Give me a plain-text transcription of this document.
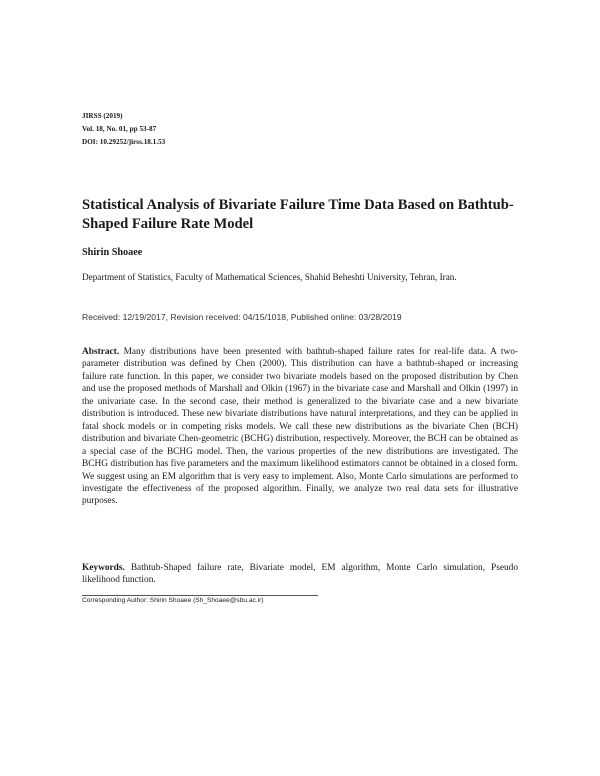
JIRSS (2019)
Vol. 18, No. 01, pp 53-87
DOI: 10.29252/jirss.18.1.53
Statistical Analysis of Bivariate Failure Time Data Based on Bathtub-Shaped Failure Rate Model
Shirin Shoaee
Department of Statistics, Faculty of Mathematical Sciences, Shahid Beheshti University, Tehran, Iran.
Received: 12/19/2017, Revision received: 04/15/1018, Published online: 03/28/2019
Abstract. Many distributions have been presented with bathtub-shaped failure rates for real-life data. A two-parameter distribution was defined by Chen (2000). This distribution can have a bathtub-shaped or increasing failure rate function. In this paper, we consider two bivariate models based on the proposed distribution by Chen and use the proposed methods of Marshall and Olkin (1967) in the bivariate case and Marshall and Olkin (1997) in the univariate case. In the second case, their method is generalized to the bivariate case and a new bivariate distribution is introduced. These new bivariate distributions have natural interpretations, and they can be applied in fatal shock models or in competing risks models. We call these new distributions as the bivariate Chen (BCH) distribution and bivariate Chen-geometric (BCHG) distribution, respectively. Moreover, the BCH can be obtained as a special case of the BCHG model. Then, the various properties of the new distributions are investigated. The BCHG distribution has five parameters and the maximum likelihood estimators cannot be obtained in a closed form. We suggest using an EM algorithm that is very easy to implement. Also, Monte Carlo simulations are performed to investigate the effectiveness of the proposed algorithm. Finally, we analyze two real data sets for illustrative purposes.
Keywords. Bathtub-Shaped failure rate, Bivariate model, EM algorithm, Monte Carlo simulation, Pseudo likelihood function.
Corresponding Author: Shirin Shoaee (Sh_Shoaee@sbu.ac.ir)
